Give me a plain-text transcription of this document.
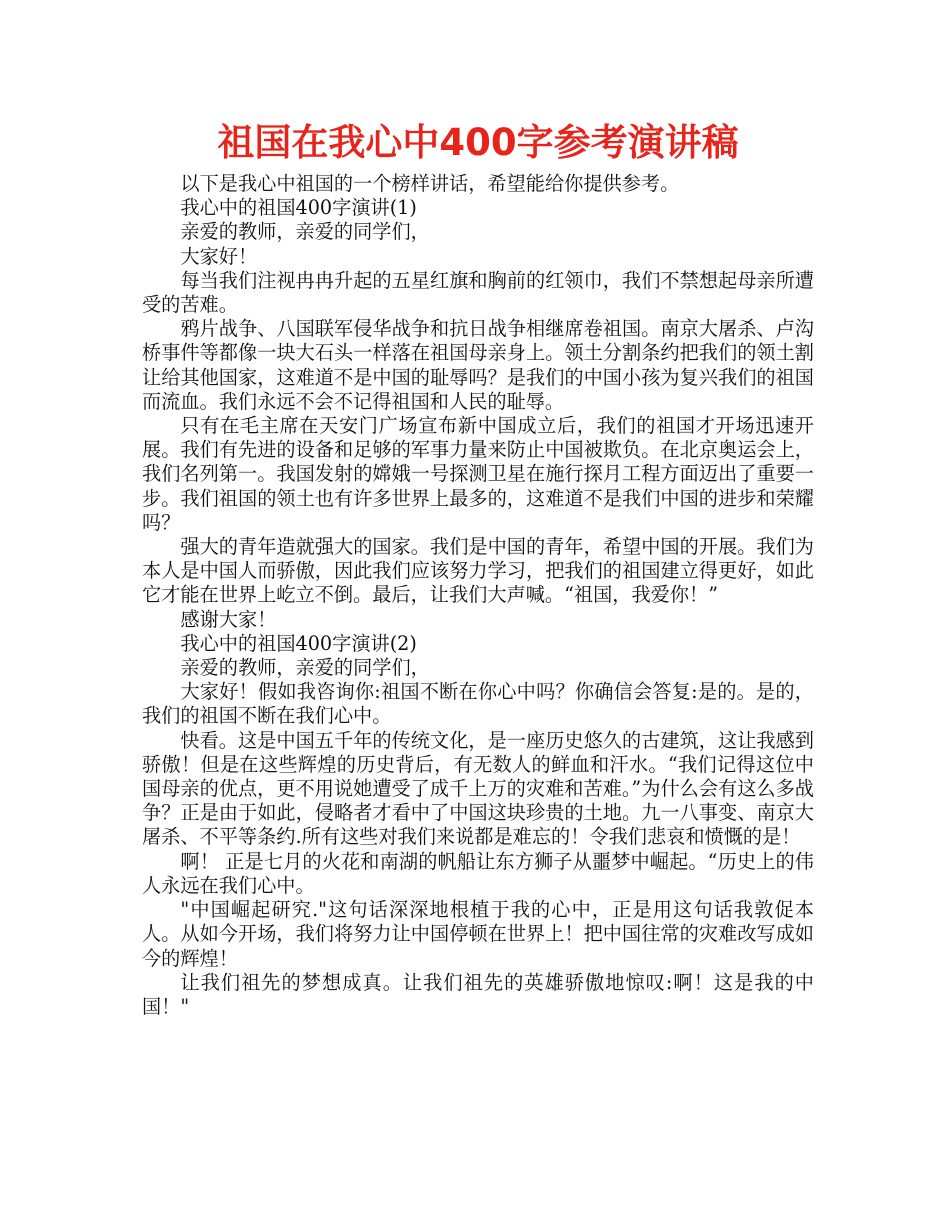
祖国在我心中400字参考演讲稿

以下是我心中祖国的一个榜样讲话，希望能给你提供参考。

我心中的祖国400字演讲(1)

亲爱的教师，亲爱的同学们，

大家好！

每当我们注视冉冉升起的五星红旗和胸前的红领巾，我们不禁想起母亲所遭受的苦难。

鸦片战争、八国联军侵华战争和抗日战争相继席卷祖国。南京大屠杀、卢沟桥事件等都像一块大石头一样落在祖国母亲身上。领土分割条约把我们的领土割让给其他国家，这难道不是中国的耻辱吗？是我们的中国小孩为复兴我们的祖国而流血。我们永远不会不记得祖国和人民的耻辱。

只有在毛主席在天安门广场宣布新中国成立后，我们的祖国才开场迅速开展。我们有先进的设备和足够的军事力量来防止中国被欺负。在北京奥运会上，我们名列第一。我国发射的嫦娥一号探测卫星在施行探月工程方面迈出了重要一步。我们祖国的领土也有许多世界上最多的，这难道不是我们中国的进步和荣耀吗？

强大的青年造就强大的国家。我们是中国的青年，希望中国的开展。我们为本人是中国人而骄傲，因此我们应该努力学习，把我们的祖国建立得更好，如此它才能在世界上屹立不倒。最后，让我们大声喊。“祖国，我爱你！”

感谢大家！

我心中的祖国400字演讲(2)

亲爱的教师，亲爱的同学们，

大家好！假如我咨询你:祖国不断在你心中吗？你确信会答复:是的。是的，我们的祖国不断在我们心中。

快看。这是中国五千年的传统文化，是一座历史悠久的古建筑，这让我感到骄傲！但是在这些辉煌的历史背后，有无数人的鲜血和汗水。“我们记得这位中国母亲的优点，更不用说她遭受了成千上万的灾难和苦难。”为什么会有这么多战争？正是由于如此，侵略者才看中了中国这块珍贵的土地。九一八事变、南京大屠杀、不平等条约.所有这些对我们来说都是难忘的！令我们悲哀和愤慨的是！

啊！ 正是七月的火花和南湖的帆船让东方狮子从噩梦中崛起。“历史上的伟人永远在我们心中。

"中国崛起研究."这句话深深地根植于我的心中，正是用这句话我敦促本人。从如今开场，我们将努力让中国停顿在世界上！把中国往常的灾难改写成如今的辉煌！

让我们祖先的梦想成真。让我们祖先的英雄骄傲地惊叹:啊！这是我的中国！"
